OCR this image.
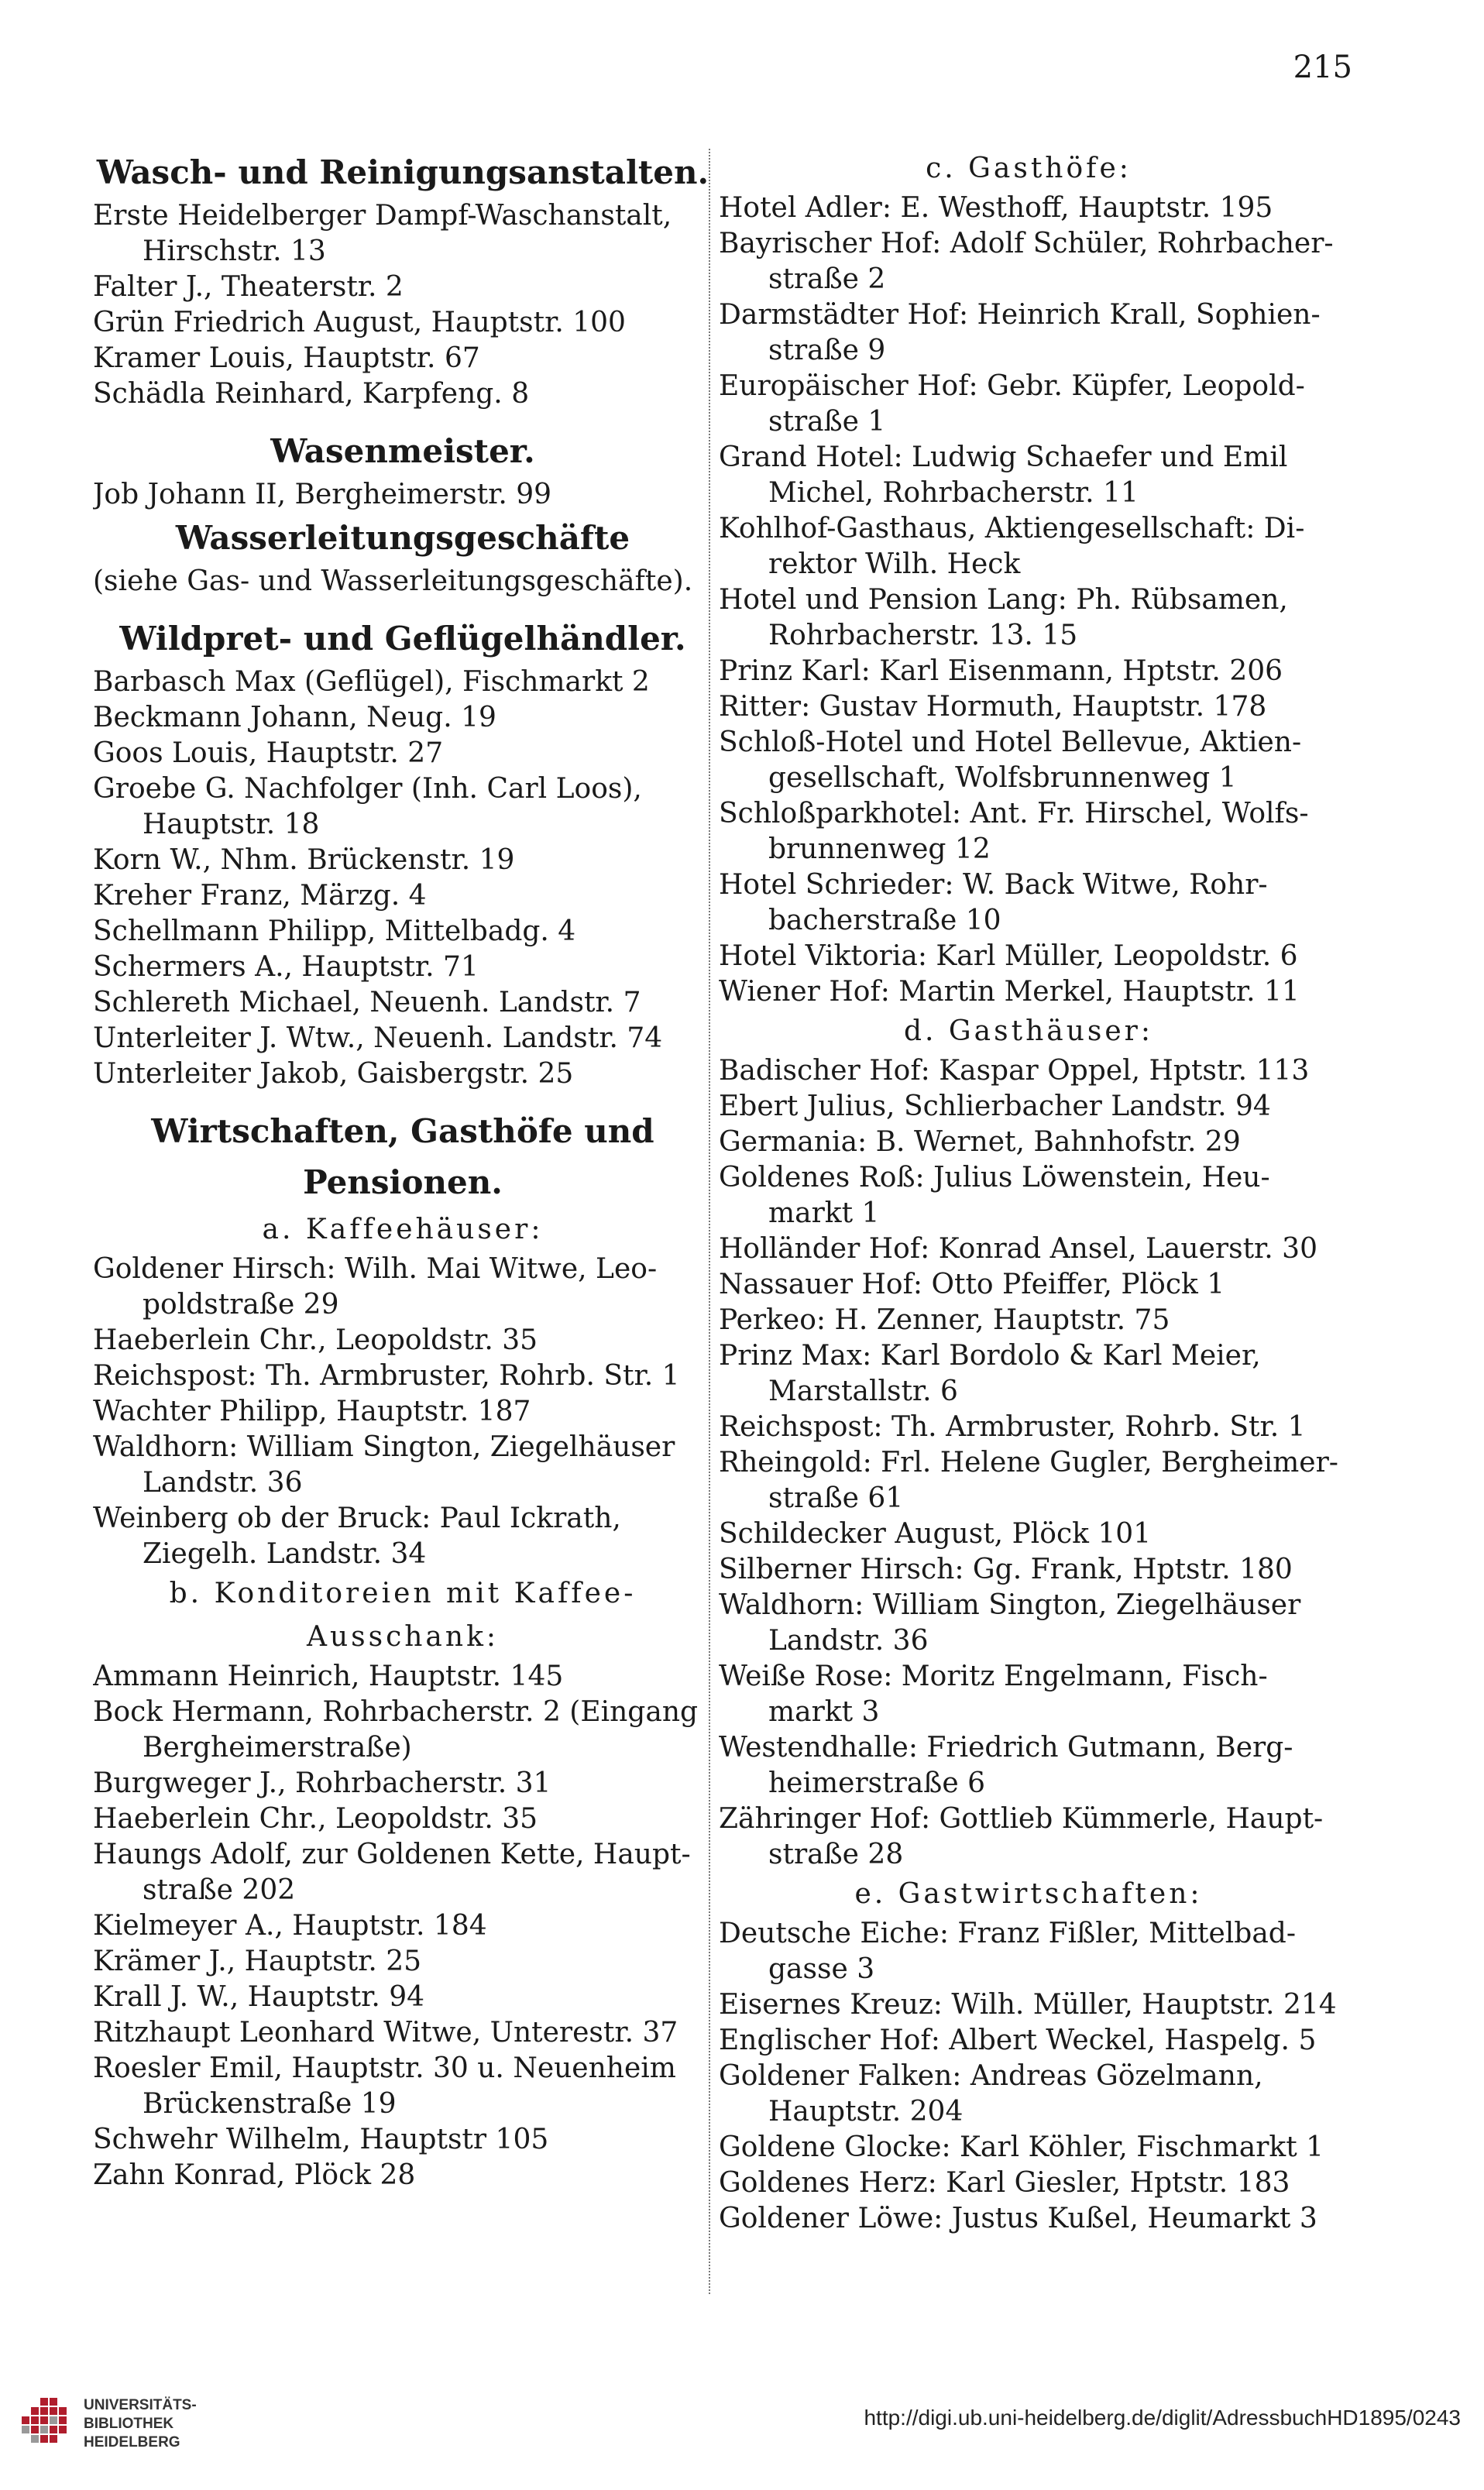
215
Wasch- und Reinigungsanstalten.
Erste Heidelberger Dampf-Waschanstalt,
Hirschstr. 13
Falter J., Theaterstr. 2
Grün Friedrich August, Hauptstr. 100
Kramer Louis, Hauptstr. 67
Schädla Reinhard, Karpfeng. 8
Wasenmeister.
Job Johann II, Bergheimerstr. 99
Wasserleitungsgeschäfte
(siehe Gas- und Wasserleitungsgeschäfte).
Wildpret- und Geflügelhändler.
Barbasch Max (Geflügel), Fischmarkt 2
Beckmann Johann, Neug. 19
Goos Louis, Hauptstr. 27
Groebe G. Nachfolger (Inh. Carl Loos),
Hauptstr. 18
Korn W., Nhm. Brückenstr. 19
Kreher Franz, Märzg. 4
Schellmann Philipp, Mittelbadg. 4
Schermers A., Hauptstr. 71
Schlereth Michael, Neuenh. Landstr. 7
Unterleiter J. Wtw., Neuenh. Landstr. 74
Unterleiter Jakob, Gaisbergstr. 25
Wirtschaften, Gasthöfe und
Pensionen.
a. Kaffeehäuser:
Goldener Hirsch: Wilh. Mai Witwe, Leo-
poldstraße 29
Haeberlein Chr., Leopoldstr. 35
Reichspost: Th. Armbruster, Rohrb. Str. 1
Wachter Philipp, Hauptstr. 187
Waldhorn: William Sington, Ziegelhäuser
Landstr. 36
Weinberg ob der Bruck: Paul Ickrath,
Ziegelh. Landstr. 34
b. Konditoreien mit Kaffee-
Ausschank:
Ammann Heinrich, Hauptstr. 145
Bock Hermann, Rohrbacherstr. 2 (Eingang
Bergheimerstraße)
Burgweger J., Rohrbacherstr. 31
Haeberlein Chr., Leopoldstr. 35
Haungs Adolf, zur Goldenen Kette, Haupt-
straße 202
Kielmeyer A., Hauptstr. 184
Krämer J., Hauptstr. 25
Krall J. W., Hauptstr. 94
Ritzhaupt Leonhard Witwe, Unterestr. 37
Roesler Emil, Hauptstr. 30 u. Neuenheim
Brückenstraße 19
Schwehr Wilhelm, Hauptstr 105
Zahn Konrad, Plöck 28
c. Gasthöfe:
Hotel Adler: E. Westhoff, Hauptstr. 195
Bayrischer Hof: Adolf Schüler, Rohrbacher-
straße 2
Darmstädter Hof: Heinrich Krall, Sophien-
straße 9
Europäischer Hof: Gebr. Küpfer, Leopold-
straße 1
Grand Hotel: Ludwig Schaefer und Emil
Michel, Rohrbacherstr. 11
Kohlhof-Gasthaus, Aktiengesellschaft: Di-
rektor Wilh. Heck
Hotel und Pension Lang: Ph. Rübsamen,
Rohrbacherstr. 13. 15
Prinz Karl: Karl Eisenmann, Hptstr. 206
Ritter: Gustav Hormuth, Hauptstr. 178
Schloß-Hotel und Hotel Bellevue, Aktien-
gesellschaft, Wolfsbrunnenweg 1
Schloßparkhotel: Ant. Fr. Hirschel, Wolfs-
brunnenweg 12
Hotel Schrieder: W. Back Witwe, Rohr-
bacherstraße 10
Hotel Viktoria: Karl Müller, Leopoldstr. 6
Wiener Hof: Martin Merkel, Hauptstr. 11
d. Gasthäuser:
Badischer Hof: Kaspar Oppel, Hptstr. 113
Ebert Julius, Schlierbacher Landstr. 94
Germania: B. Wernet, Bahnhofstr. 29
Goldenes Roß: Julius Löwenstein, Heu-
markt 1
Holländer Hof: Konrad Ansel, Lauerstr. 30
Nassauer Hof: Otto Pfeiffer, Plöck 1
Perkeo: H. Zenner, Hauptstr. 75
Prinz Max: Karl Bordolo & Karl Meier,
Marstallstr. 6
Reichspost: Th. Armbruster, Rohrb. Str. 1
Rheingold: Frl. Helene Gugler, Bergheimer-
straße 61
Schildecker August, Plöck 101
Silberner Hirsch: Gg. Frank, Hptstr. 180
Waldhorn: William Sington, Ziegelhäuser
Landstr. 36
Weiße Rose: Moritz Engelmann, Fisch-
markt 3
Westendhalle: Friedrich Gutmann, Berg-
heimerstraße 6
Zähringer Hof: Gottlieb Kümmerle, Haupt-
straße 28
e. Gastwirtschaften:
Deutsche Eiche: Franz Fißler, Mittelbad-
gasse 3
Eisernes Kreuz: Wilh. Müller, Hauptstr. 214
Englischer Hof: Albert Weckel, Haspelg. 5
Goldener Falken: Andreas Gözelmann,
Hauptstr. 204
Goldene Glocke: Karl Köhler, Fischmarkt 1
Goldenes Herz: Karl Giesler, Hptstr. 183
Goldener Löwe: Justus Kußel, Heumarkt 3
UNIVERSITÄTS-
BIBLIOTHEK
HEIDELBERG
http://digi.ub.uni-heidelberg.de/diglit/AdressbuchHD1895/0243
